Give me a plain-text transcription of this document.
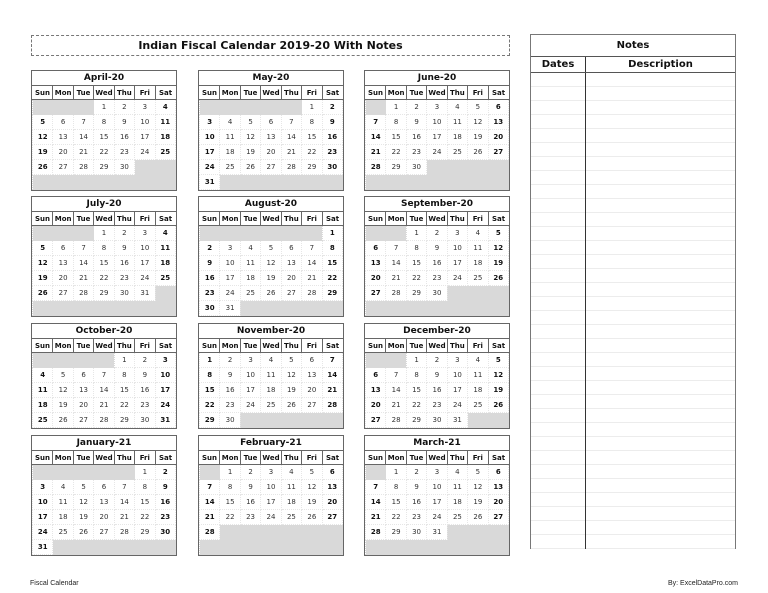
Indian Fiscal Calendar 2019-20 With Notes
April-20
Sun	Mon	Tue	Wed	Thu	Fri	Sat
			1	2	3	4
5	6	7	8	9	10	11
12	13	14	15	16	17	18
19	20	21	22	23	24	25
26	27	28	29	30		

May-20
Sun	Mon	Tue	Wed	Thu	Fri	Sat
					1	2
3	4	5	6	7	8	9
10	11	12	13	14	15	16
17	18	19	20	21	22	23
24	25	26	27	28	29	30
31						
June-20
Sun	Mon	Tue	Wed	Thu	Fri	Sat
	1	2	3	4	5	6
7	8	9	10	11	12	13
14	15	16	17	18	19	20
21	22	23	24	25	26	27
28	29	30				

July-20
Sun	Mon	Tue	Wed	Thu	Fri	Sat
			1	2	3	4
5	6	7	8	9	10	11
12	13	14	15	16	17	18
19	20	21	22	23	24	25
26	27	28	29	30	31	

August-20
Sun	Mon	Tue	Wed	Thu	Fri	Sat
						1
2	3	4	5	6	7	8
9	10	11	12	13	14	15
16	17	18	19	20	21	22
23	24	25	26	27	28	29
30	31					
September-20
Sun	Mon	Tue	Wed	Thu	Fri	Sat
		1	2	3	4	5
6	7	8	9	10	11	12
13	14	15	16	17	18	19
20	21	22	23	24	25	26
27	28	29	30			

October-20
Sun	Mon	Tue	Wed	Thu	Fri	Sat
				1	2	3
4	5	6	7	8	9	10
11	12	13	14	15	16	17
18	19	20	21	22	23	24
25	26	27	28	29	30	31
November-20
Sun	Mon	Tue	Wed	Thu	Fri	Sat
1	2	3	4	5	6	7
8	9	10	11	12	13	14
15	16	17	18	19	20	21
22	23	24	25	26	27	28
29	30					
December-20
Sun	Mon	Tue	Wed	Thu	Fri	Sat
		1	2	3	4	5
6	7	8	9	10	11	12
13	14	15	16	17	18	19
20	21	22	23	24	25	26
27	28	29	30	31		
January-21
Sun	Mon	Tue	Wed	Thu	Fri	Sat
					1	2
3	4	5	6	7	8	9
10	11	12	13	14	15	16
17	18	19	20	21	22	23
24	25	26	27	28	29	30
31						
February-21
Sun	Mon	Tue	Wed	Thu	Fri	Sat
	1	2	3	4	5	6
7	8	9	10	11	12	13
14	15	16	17	18	19	20
21	22	23	24	25	26	27
28						

March-21
Sun	Mon	Tue	Wed	Thu	Fri	Sat
	1	2	3	4	5	6
7	8	9	10	11	12	13
14	15	16	17	18	19	20
21	22	23	24	25	26	27
28	29	30	31			

Notes
Dates	Description
Fiscal Calendar	By: ExcelDataPro.com
